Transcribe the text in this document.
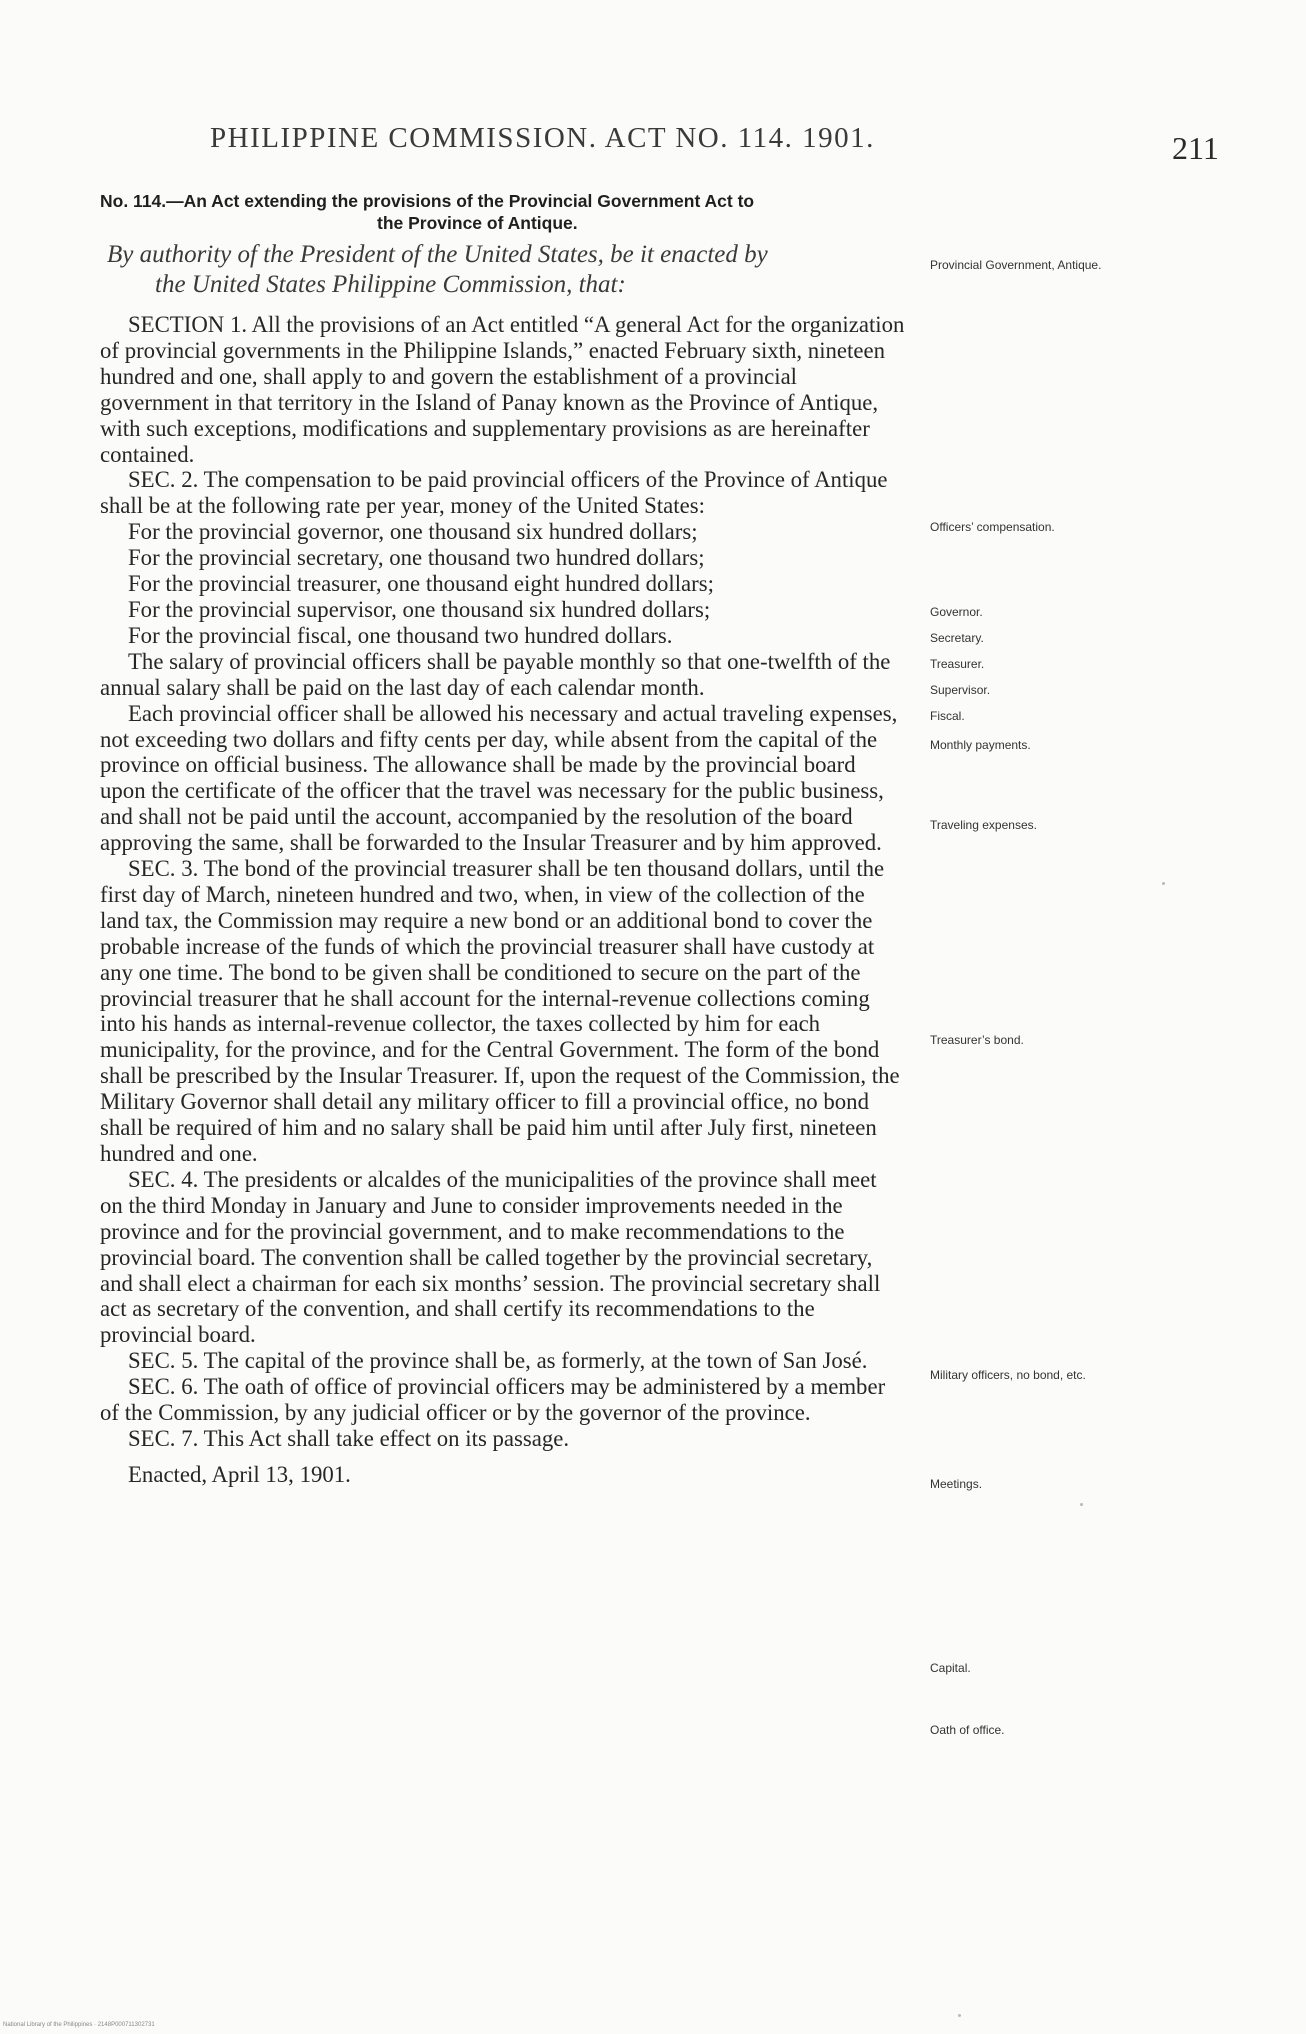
PHILIPPINE COMMISSION. ACT NO. 114. 1901.	211
No. 114.—An Act extending the provisions of the Provincial Government Act to
the Province of Antique.
By authority of the President of the United States, be it enacted by
the United States Philippine Commission, that:

SECTION 1. All the provisions of an Act entitled “A general Act for the organization of provincial governments in the Philippine Islands,” enacted February sixth, nineteen hundred and one, shall apply to and govern the establishment of a provincial government in that territory in the Island of Panay known as the Province of Antique, with such exceptions, modifications and supplementary provisions as are hereinafter contained.

SEC. 2. The compensation to be paid provincial officers of the Province of Antique shall be at the following rate per year, money of the United States:

For the provincial governor, one thousand six hundred dollars;
For the provincial secretary, one thousand two hundred dollars;
For the provincial treasurer, one thousand eight hundred dollars;
For the provincial supervisor, one thousand six hundred dollars;
For the provincial fiscal, one thousand two hundred dollars.

The salary of provincial officers shall be payable monthly so that one-twelfth of the annual salary shall be paid on the last day of each calendar month.

Each provincial officer shall be allowed his necessary and actual traveling expenses, not exceeding two dollars and fifty cents per day, while absent from the capital of the province on official business. The allowance shall be made by the provincial board upon the certificate of the officer that the travel was necessary for the public business, and shall not be paid until the account, accompanied by the resolution of the board approving the same, shall be forwarded to the Insular Treasurer and by him approved.

SEC. 3. The bond of the provincial treasurer shall be ten thousand dollars, until the first day of March, nineteen hundred and two, when, in view of the collection of the land tax, the Commission may require a new bond or an additional bond to cover the probable increase of the funds of which the provincial treasurer shall have custody at any one time. The bond to be given shall be conditioned to secure on the part of the provincial treasurer that he shall account for the internal-revenue collections coming into his hands as internal-revenue collector, the taxes collected by him for each municipality, for the province, and for the Central Government. The form of the bond shall be prescribed by the Insular Treasurer. If, upon the request of the Commission, the Military Governor shall detail any military officer to fill a provincial office, no bond shall be required of him and no salary shall be paid him until after July first, nineteen hundred and one.

SEC. 4. The presidents or alcaldes of the municipalities of the province shall meet on the third Monday in January and June to consider improvements needed in the province and for the provincial government, and to make recommendations to the provincial board. The convention shall be called together by the provincial secretary, and shall elect a chairman for each six months’ session. The provincial secretary shall act as secretary of the convention, and shall certify its recommendations to the provincial board.

SEC. 5. The capital of the province shall be, as formerly, at the town of San José.

SEC. 6. The oath of office of provincial officers may be administered by a member of the Commission, by any judicial officer or by the governor of the province.

SEC. 7. This Act shall take effect on its passage.

Enacted, April 13, 1901.

Provincial Government, Antique.
Officers’ compensation.
Governor.
Secretary.
Treasurer.
Supervisor.
Fiscal.
Monthly payments.
Traveling expenses.
Treasurer’s bond.
Military officers, no bond, etc.
Meetings.
Capital.
Oath of office.
National Library of the Philippines · 2148P000711302731
